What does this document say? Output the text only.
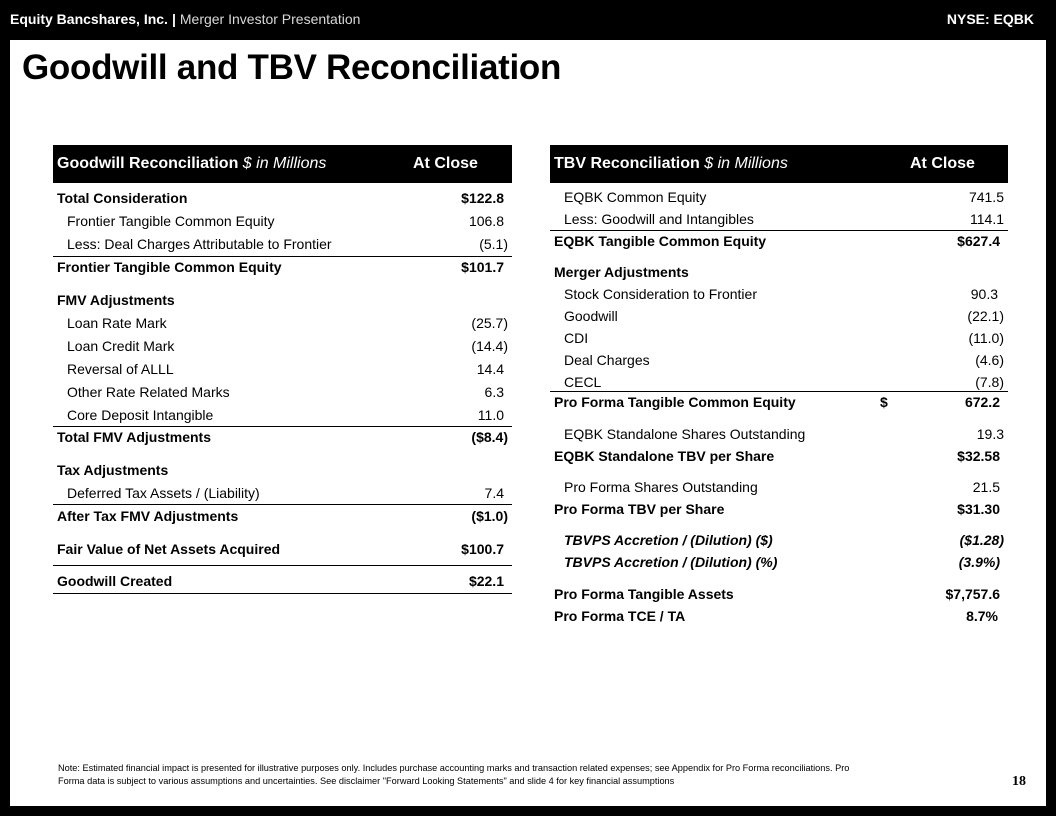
Equity Bancshares, Inc. | Merger Investor Presentation	NYSE: EQBK
Goodwill and TBV Reconciliation
Goodwill Reconciliation $ in Millions	At Close
Total Consideration	$122.8
Frontier Tangible Common Equity	106.8
Less: Deal Charges Attributable to Frontier	(5.1)
Frontier Tangible Common Equity	$101.7
FMV Adjustments
Loan Rate Mark	(25.7)
Loan Credit Mark	(14.4)
Reversal of ALLL	14.4
Other Rate Related Marks	6.3
Core Deposit Intangible	11.0
Total FMV Adjustments	($8.4)
Tax Adjustments
Deferred Tax Assets / (Liability)	7.4
After Tax FMV Adjustments	($1.0)
Fair Value of Net Assets Acquired	$100.7
Goodwill Created	$22.1
TBV Reconciliation $ in Millions	At Close
EQBK Common Equity	741.5
Less: Goodwill and Intangibles	114.1
EQBK Tangible Common Equity	$627.4
Merger Adjustments
Stock Consideration to Frontier	90.3
Goodwill	(22.1)
CDI	(11.0)
Deal Charges	(4.6)
CECL	(7.8)
Pro Forma Tangible Common Equity	$	672.2
EQBK Standalone Shares Outstanding	19.3
EQBK Standalone TBV per Share	$32.58
Pro Forma Shares Outstanding	21.5
Pro Forma TBV per Share	$31.30
TBVPS Accretion / (Dilution) ($)	($1.28)
TBVPS Accretion / (Dilution) (%)	(3.9%)
Pro Forma Tangible Assets	$7,757.6
Pro Forma TCE / TA	8.7%
Note: Estimated financial impact is presented for illustrative purposes only. Includes purchase accounting marks and transaction related expenses; see Appendix for Pro Forma reconciliations. Pro Forma data is subject to various assumptions and uncertainties. See disclaimer "Forward Looking Statements" and slide 4 for key financial assumptions	18
